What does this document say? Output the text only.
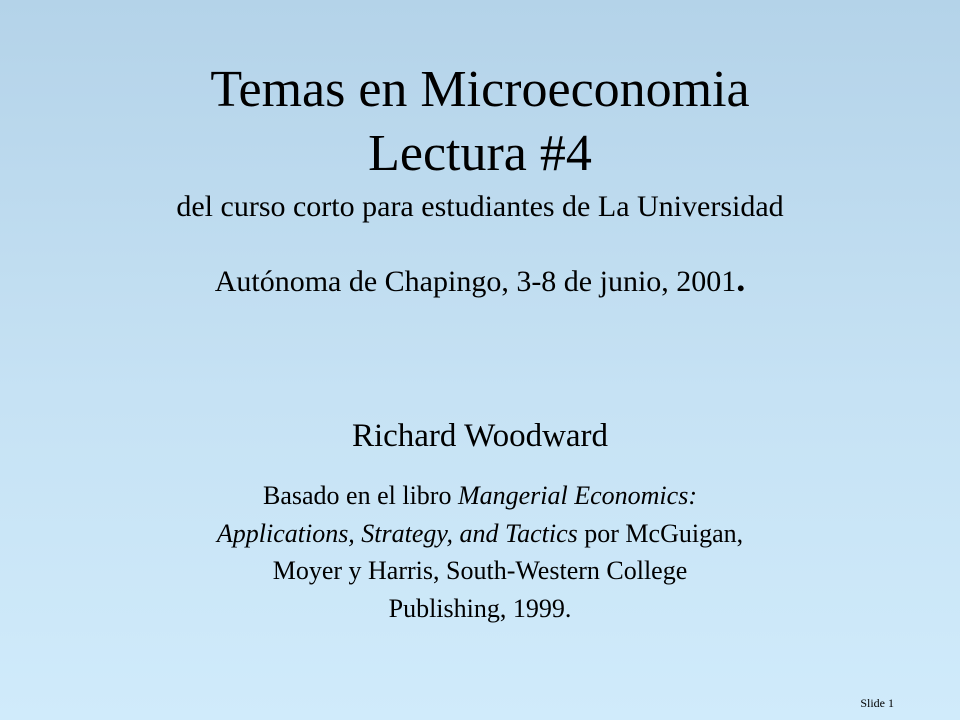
Temas en Microeconomia
Lectura #4
del curso corto para estudiantes de La Universidad
Autónoma de Chapingo, 3-8 de junio, 2001.
Richard Woodward
Basado en el libro Mangerial Economics:
Applications, Strategy, and Tactics por McGuigan,
Moyer y Harris, South-Western College
Publishing, 1999.
Slide 1
